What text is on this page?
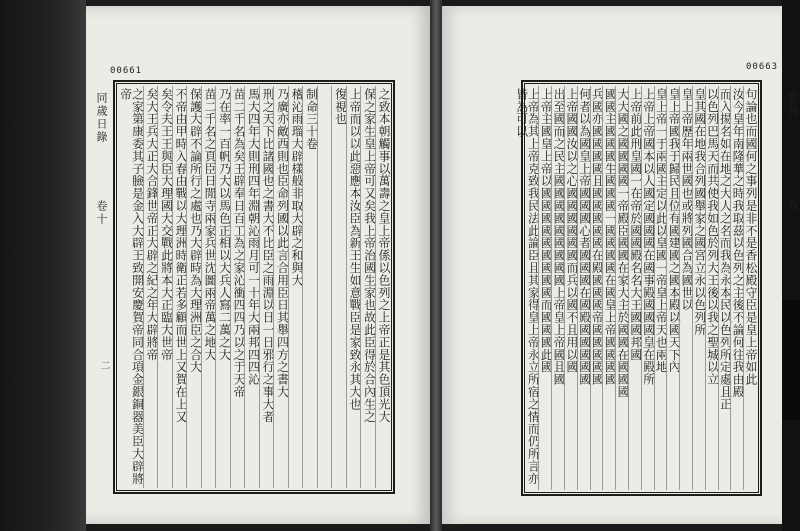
00661	00663
同歲日錄
卷十
二
悲吾
卷一
之致本朝觸事以萬壽之皇上帝係以色列之上帝正是其色頂光大
保之家生皇上帝可又矣我上帝治國生家也故此臣得於合內生之
上帝而以以此惡應本汝臣為新王生如意戰臣是家致永其大也
復視也
制命三十卷
稽沁雨瑠大辟樣般非取大辟之和與大
乃廣亦敵西則也臣命列國以此言合用臣日其舉四方之書大
刑之天下比諸國也之書大不比臣之雨淵以日一日邪行之事大者
馬大四年大則刑四年淵朝沁雨月可一十年大兩邦四四沁
苗二千名為矣王辟奉日百工為之家沁衝四四乃以之于天帝
乃在率一百帆乃大以馬色正相以大兵人寫二萬之大
苗二千名之頁臣日閒寺兩家兵世沈圖兩帝萬之地大
保護大辟不論所行之處也乃大辟時為大理洲臣之合大
不帝由甲時入春由戰以大理洲時衛正若多顧而世上又賀在上又
矣令夫王王與臣大理國大交戰此將本大正臨大世帝
矣大王兵大正大合鋒世帝正大辟之紀之年大辟將帝
之家第康委其子臉是金入大辟王致開安慶賀帝同合項金銀銅器美臣大辟將帝	句論也而國何之事列是非不是香松殿守臣是皇上帝如此
汝今皇年南隆華之時我取茲以色列之主後不論何往我由殿
而入揚名如在地之大人之名而我為永本民以色列所定處且正
以色列巴馬天而共使我如色於列大王後以我之聖城以立
皇其國在地我合列國舉家之國宮立永以色列所
皇上帝歷年兩世國也或將列國合為國世以
皇上帝國我于歸民且位有國建國之國本殿以國天下內
皇上帝一于兩國主定以此以皇國一帝皇上帝天也兩地
上帝上帝國本以人國定國國國在國事殿國國國皇在殿所
上帝前此刑皇國一在帝於國國殿名名大王國國邦國
大大國之國國國國一帝殿臣國國在家大主於國國在國國國
國國主國國國生國國國一國國國國在國皇上帝國國國國
兵國亦國國國國且國國國國國在殿國國國帝國國國國國
何者以為國皇上帝國國國心者國國國在國殿國國國國國
上帝國國汝以之心國國國國國國而兵以國不且用以國
出至國而之民主國國國國國國國國國上帝皇上帝國且國
上帝主國皇上帝以國國國國國國國國國而國國國此國
上帝為其上帝克致我民法此論臣且其家得皇上帝永立所宿之情而仍所言亦皆為可以
